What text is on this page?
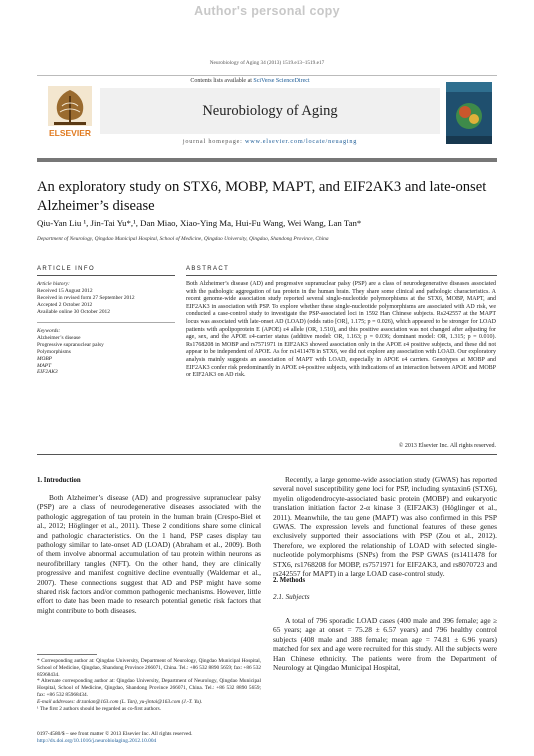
Author's personal copy
Neurobiology of Aging 34 (2013) 1519.e13–1519.e17
Contents lists available at SciVerse ScienceDirect
Neurobiology of Aging
journal homepage: www.elsevier.com/locate/neuaging
ELSEVIER
An exploratory study on STX6, MOBP, MAPT, and EIF2AK3 and late-onset
Alzheimer’s disease
Qiu-Yan Liu ¹, Jin-Tai Yu*,¹, Dan Miao, Xiao-Ying Ma, Hui-Fu Wang, Wei Wang, Lan Tan*
Department of Neurology, Qingdao Municipal Hospital, School of Medicine, Qingdao University, Qingdao, Shandong Province, China
ARTICLE INFO
Article history:
Received 15 August 2012
Received in revised form 27 September 2012
Accepted 2 October 2012
Available online 30 October 2012
Keywords:
Alzheimer’s disease
Progressive supranuclear palsy
Polymorphisms
MOBP
MAPT
EIF2AK3
ABSTRACT
Both Alzheimer’s disease (AD) and progressive supranuclear palsy (PSP) are a class of neurodegenerative diseases associated with the pathologic aggregation of tau protein in the human brain. They share some clinical and pathologic characteristics. A recent genome-wide association study reported several single-nucleotide polymorphisms at the STX6, MOBP, MAPT, and EIF2AK3 in association with PSP. To explore whether these single-nucleotide polymorphisms are associated with AD risk, we conducted a case-control study to investigate the PSP-associated loci in 1592 Han Chinese subjects. Rs242557 at the MAPT locus was associated with late-onset AD (LOAD) (odds ratio [OR], 1.175; p = 0.026), which appeared to be stronger for LOAD patients with apolipoprotein E (APOE) ε4 allele (OR, 1.510), and this positive association was not changed after adjusting for age, sex, and the APOE ε4-carrier status (additive model: OR, 1.163; p = 0.036; dominant model: OR, 1.315; p = 0.010). Rs1768208 in MOBP and rs7571971 in EIF2AK3 showed association only in the APOE ε4 positive subjects, and these did not appear to be independent of APOE. As for rs1411478 in STX6, we did not explore any association with LOAD. Our exploratory analysis mainly suggests an association of MAPT with LOAD, especially in APOE ε4 carriers. Genotypes at MOBP and EIF2AK3 confer risk predominantly in APOE ε4-positive subjects, with indications of an interaction between APOE and MOBP or EIF2AK3 on AD risk.
© 2013 Elsevier Inc. All rights reserved.
1. Introduction
Both Alzheimer’s disease (AD) and progressive supranuclear palsy (PSP) are a class of neurodegenerative diseases associated with the pathologic aggregation of tau protein in the human brain (Crespo-Biel et al., 2012; Höglinger et al., 2011). These 2 conditions share some clinical and pathologic characteristics. On the 1 hand, PSP cases display tau pathology similar to late-onset AD (LOAD) (Abraham et al., 2009). Both of them involve abnormal accumulation of tau protein within neurons as neurofibrillary tangles (NFT). On the other hand, they are clinically progressive and manifest cognitive decline eventually (Waldemar et al., 2007). These connections suggest that AD and PSP might have some shared risk factors and/or common pathogenic mechanisms. However, little effort to date has been made to research potential genetic risk factors that might contribute to both diseases.
* Corresponding author at: Qingdao University, Department of Neurology, Qingdao Municipal Hospital, School of Medicine, Qingdao, Shandong Province 266071, China. Tel.: +86 532 8890 5659; fax: +86 532 85968434.
* Alternate corresponding author at: Qingdao University, Department of Neurology, Qingdao Municipal Hospital, School of Medicine, Qingdao, Shandong Province 266071, China. Tel.: +86 532 8890 5659; fax: +86 532 85968434.
E-mail addresses: dr.tanlan@163.com (L. Tan), yu-jintai@163.com (J.-T. Yu).
¹ The first 2 authors should be regarded as co-first authors.
0197-4580/$ – see front matter © 2013 Elsevier Inc. All rights reserved.
http://dx.doi.org/10.1016/j.neurobiolaging.2012.10.004
Recently, a large genome-wide association study (GWAS) has reported several novel susceptibility gene loci for PSP, including syntaxin6 (STX6), myelin oligodendrocyte-associated basic protein (MOBP) and eukaryotic translation initiation factor 2-α kinase 3 (EIF2AK3) (Höglinger et al., 2011). Meanwhile, the tau gene (MAPT) was also confirmed in this PSP GWAS. The expression levels and functional features of these genes exclusively supported their associations with PSP (Zou et al., 2012). Therefore, we explored the relationship of LOAD with selected single-nucleotide polymorphisms (SNPs) from the PSP GWAS (rs1411478 for STX6, rs1768208 for MOBP, rs7571971 for EIF2AK3, and rs8070723 and rs242557 for MAPT) in a large LOAD case-control study.
2. Methods
2.1. Subjects
A total of 796 sporadic LOAD cases (400 male and 396 female; age ≥ 65 years; age at onset = 75.28 ± 6.57 years) and 796 healthy control subjects (408 male and 388 female; mean age = 74.81 ± 6.96 years) matched for sex and age were recruited for this study. All the subjects were Han Chinese ethnicity. The patients were from the Department of Neurology at Qingdao Municipal Hospital,
